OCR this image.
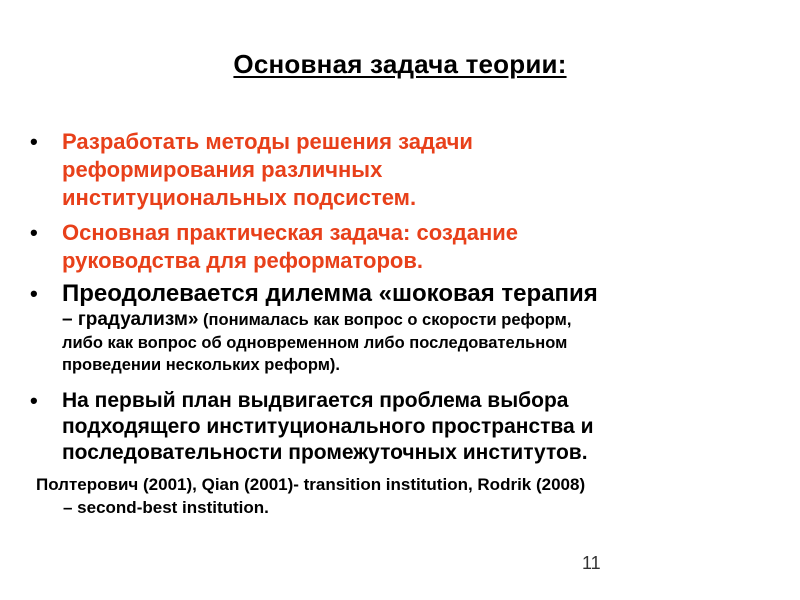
Основная задача теории:
• Разработать методы решения задачи
реформирования различных
институциональных подсистем.
• Основная практическая задача: создание
руководства для реформаторов.
• Преодолевается дилемма «шоковая терапия
– градуализм» (понималась как вопрос о скорости реформ,
либо как вопрос об одновременном либо последовательном
проведении нескольких реформ).
• На первый план выдвигается проблема выбора
подходящего институционального пространства и
последовательности промежуточных институтов.
Полтерович (2001), Qian (2001)- transition institution, Rodrik (2008)
– second-best institution.
11
